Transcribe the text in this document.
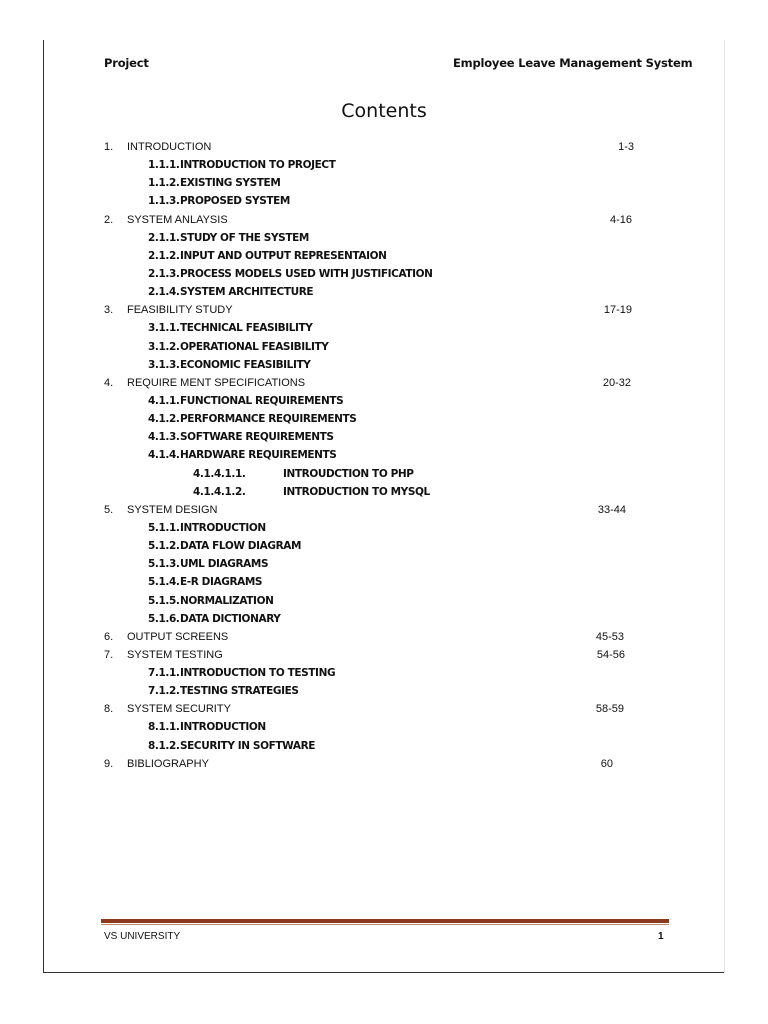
Project	Employee Leave Management System
Contents
1. INTRODUCTION	1-3
1.1.1. INTRODUCTION TO PROJECT
1.1.2. EXISTING SYSTEM
1.1.3. PROPOSED SYSTEM
2. SYSTEM ANLAYSIS	4-16
2.1.1. STUDY OF THE SYSTEM
2.1.2. INPUT AND OUTPUT REPRESENTAION
2.1.3. PROCESS MODELS USED WITH JUSTIFICATION
2.1.4. SYSTEM ARCHITECTURE
3. FEASIBILITY STUDY	17-19
3.1.1. TECHNICAL FEASIBILITY
3.1.2. OPERATIONAL FEASIBILITY
3.1.3. ECONOMIC FEASIBILITY
4. REQUIRE MENT SPECIFICATIONS	20-32
4.1.1. FUNCTIONAL REQUIREMENTS
4.1.2. PERFORMANCE REQUIREMENTS
4.1.3. SOFTWARE REQUIREMENTS
4.1.4. HARDWARE REQUIREMENTS
4.1.4.1.1.	INTROUDCTION TO PHP
4.1.4.1.2.	INTRODUCTION TO MYSQL
5. SYSTEM DESIGN	33-44
5.1.1. INTRODUCTION
5.1.2. DATA FLOW DIAGRAM
5.1.3. UML DIAGRAMS
5.1.4. E-R DIAGRAMS
5.1.5. NORMALIZATION
5.1.6. DATA DICTIONARY
6. OUTPUT SCREENS	45-53
7. SYSTEM TESTING	54-56
7.1.1. INTRODUCTION TO TESTING
7.1.2. TESTING STRATEGIES
8. SYSTEM SECURITY	58-59
8.1.1. INTRODUCTION
8.1.2. SECURITY IN SOFTWARE
9. BIBLIOGRAPHY	60
VS UNIVERSITY	1
